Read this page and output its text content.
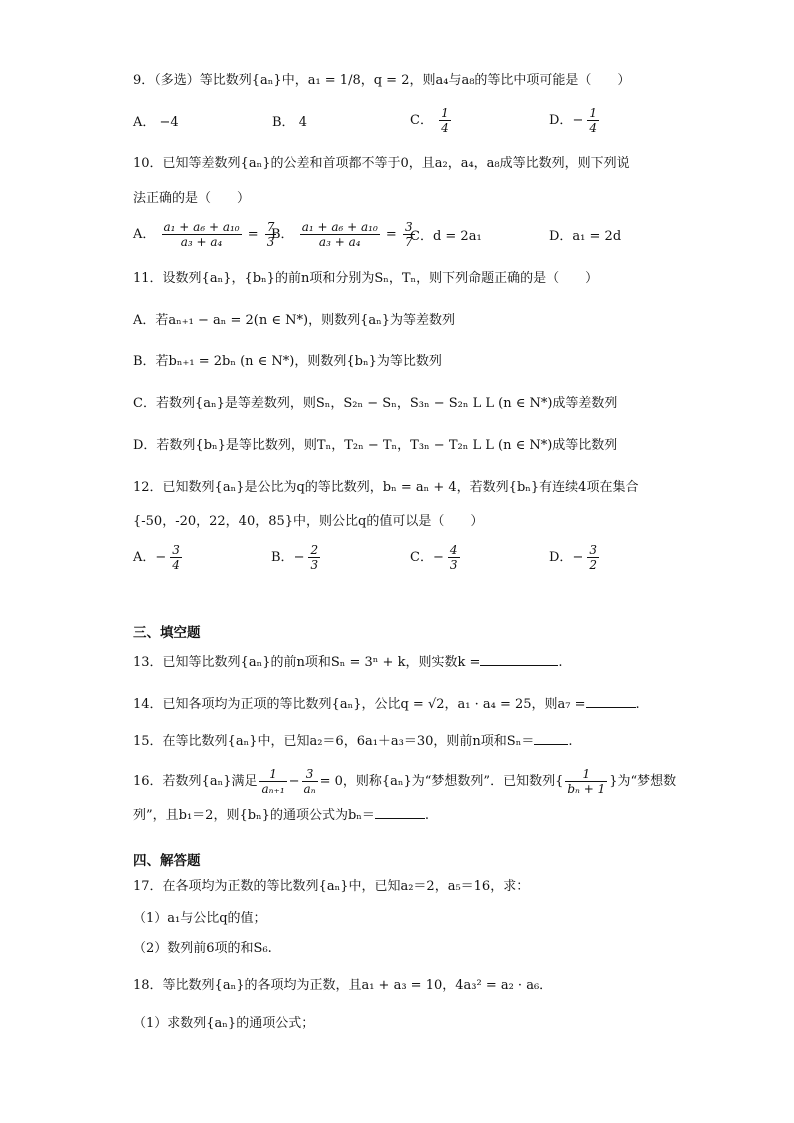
9．（多选）等比数列{aₙ}中，a₁ = 1/8，q = 2，则a₄与a₈的等比中项可能是（　　）
A． −4	B． 4	C． $\frac{1}{4}$	D．− $\frac{1}{4}$
10．已知等差数列{aₙ}的公差和首项都不等于0，且a₂，a₄，a₈成等比数列，则下列说
法正确的是（　　）
A． $\frac{\text{a₁ + a₆ + a₁₀}}{\text{a₃ + a₄}} = \frac{7}{3}$
B． $\frac{\text{a₁ + a₆ + a₁₀}}{\text{a₃ + a₄}} = \frac{3}{7}$
C．d = 2a₁	D．a₁ = 2d
11．设数列{aₙ}，{bₙ}的前n项和分别为Sₙ，Tₙ，则下列命题正确的是（　　）
A．若aₙ₊₁ − aₙ = 2(n ∈ N*)，则数列{aₙ}为等差数列
B．若bₙ₊₁ = 2bₙ (n ∈ N*)，则数列{bₙ}为等比数列
C．若数列{aₙ}是等差数列，则Sₙ，S₂ₙ − Sₙ，S₃ₙ − S₂ₙ L L (n ∈ N*)成等差数列
D．若数列{bₙ}是等比数列，则Tₙ，T₂ₙ − Tₙ，T₃ₙ − T₂ₙ L L (n ∈ N*)成等比数列
12．已知数列{aₙ}是公比为q的等比数列，bₙ = aₙ + 4，若数列{bₙ}有连续4项在集合
{-50，-20，22，40，85}中，则公比q的值可以是（　　）
A．− $\frac{3}{4}$	B．− $\frac{2}{3}$	C．− $\frac{4}{3}$	D．− $\frac{3}{2}$
三、填空题
13．已知等比数列{aₙ}的前n项和Sₙ = 3ⁿ + k，则实数k =	.
14．已知各项均为正项的等比数列{aₙ}，公比q = √2，a₁ · a₄ = 25，则a₇ =	.
15．在等比数列{aₙ}中，已知a₂＝6，6a₁＋a₃＝30，则前n项和Sₙ＝	.
16．若数列{aₙ}满足 $\frac{1}{\text{aₙ₊₁}} - \frac{3}{\text{aₙ}} = 0$，则称{aₙ}为“梦想数列”．已知数列{ $\frac{1}{\text{bₙ + 1}}$ }为“梦想数
列”，且b₁＝2，则{bₙ}的通项公式为bₙ＝	.
四、解答题
17．在各项均为正数的等比数列{aₙ}中，已知a₂＝2，a₅＝16，求：
（1）a₁与公比q的值；
（2）数列前6项的和S₆.
18．等比数列{aₙ}的各项均为正数，且a₁ + a₃ = 10，4a₃² = a₂ · a₆．
（1）求数列{aₙ}的通项公式；
